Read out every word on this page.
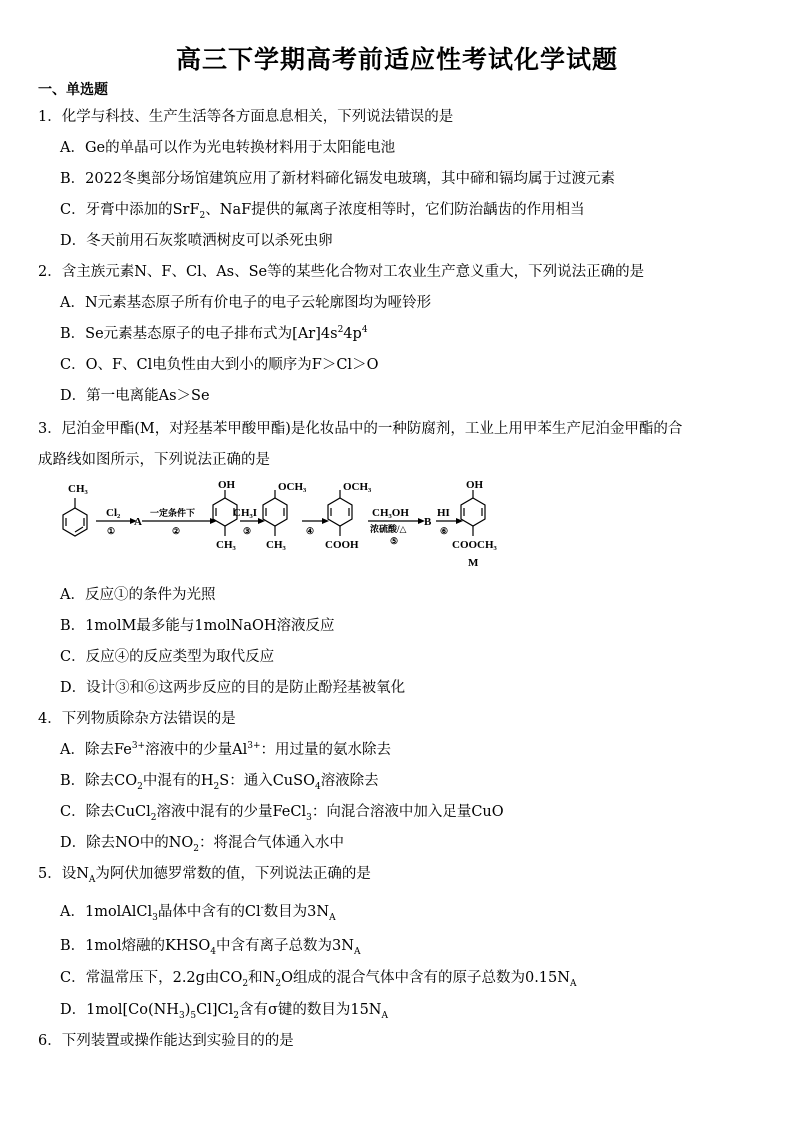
高三下学期高考前适应性考试化学试题
一、单选题
1．化学与科技、生产生活等各方面息息相关，下列说法错误的是
A．Ge的单晶可以作为光电转换材料用于太阳能电池
B．2022冬奥部分场馆建筑应用了新材料碲化镉发电玻璃，其中碲和镉均属于过渡元素
C．牙膏中添加的SrF$_2$、NaF提供的氟离子浓度相等时，它们防治龋齿的作用相当
D．冬天前用石灰浆喷洒树皮可以杀死虫卵
2．含主族元素N、F、Cl、As、Se等的某些化合物对工农业生产意义重大，下列说法正确的是
A．N元素基态原子所有价电子的电子云轮廓图均为哑铃形
B．Se元素基态原子的电子排布式为$[Ar]4s^24p^4$
C．O、F、Cl电负性由大到小的顺序为F＞Cl＞O
D．第一电离能As＞Se
3．尼泊金甲酯(M，对羟基苯甲酸甲酯)是化妆品中的一种防腐剂，工业上用甲苯生产尼泊金甲酯的合
成路线如图所示，下列说法正确的是
CH₃
Cl₂
①
A
一定条件下
②
OH
CH₃
CH₃I
③
OCH₃
CH₃
④
OCH₃
COOH
CH₃OH
浓硫酸/△
⑤
B
HI
⑥
OH
COOCH₃
M
A．反应①的条件为光照
B．1molM最多能与1molNaOH溶液反应
C．反应④的反应类型为取代反应
D．设计③和⑥这两步反应的目的是防止酚羟基被氧化
4．下列物质除杂方法错误的是
A．除去$Fe^{3+}$溶液中的少量$Al^{3+}$：用过量的氨水除去
B．除去$CO_2$中混有的$H_2S$：通入CuSO$_4$溶液除去
C．除去CuCl$_2$溶液中混有的少量FeCl$_3$：向混合溶液中加入足量CuO
D．除去NO中的$NO_2$：将混合气体通入水中
5．设$N_A$为阿伏加德罗常数的值，下列说法正确的是
A．1molAlCl$_3$晶体中含有的Cl-数目为$3N_A$
B．1mol熔融的$KHSO_4$中含有离子总数为$3N_A$
C．常温常压下，2.2g由$CO_2$和$N_2O$组成的混合气体中含有的原子总数为$0.15N_A$
D．$1mol[Co(NH_3)_5Cl]Cl_2$含有σ键的数目为$15N_A$
6．下列装置或操作能达到实验目的的是
